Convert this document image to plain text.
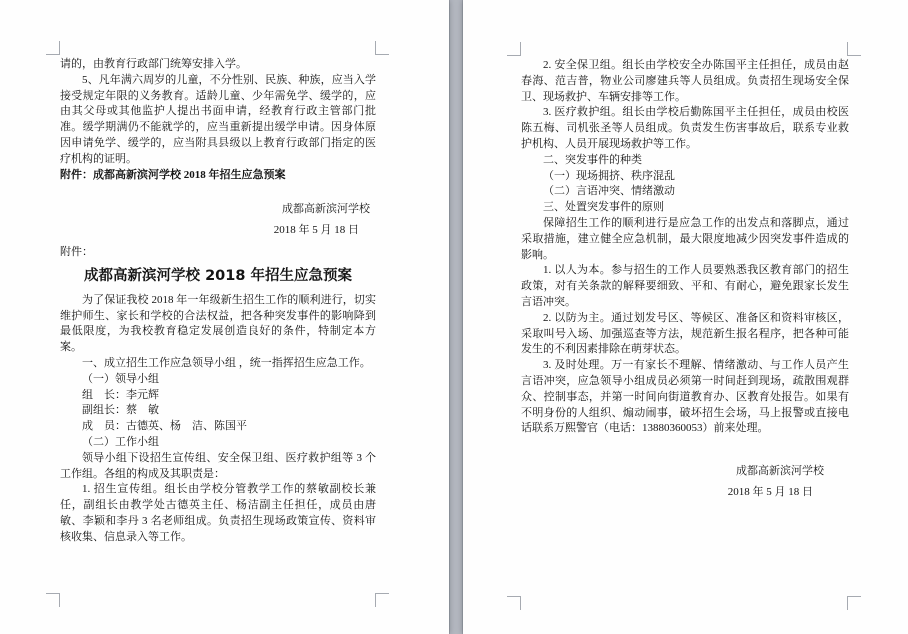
请的，由教育行政部门统筹安排入学。

5、凡年满六周岁的儿童，不分性别、民族、种族，应当入学接受规定年限的义务教育。适龄儿童、少年需免学、缓学的，应由其父母或其他监护人提出书面申请，经教育行政主管部门批准。缓学期满仍不能就学的，应当重新提出缓学申请。因身体原因申请免学、缓学的，应当附具县级以上教育行政部门指定的医疗机构的证明。

附件：成都高新滨河学校 2018 年招生应急预案

成都高新滨河学校

2018 年 5 月 18 日

附件：

成都高新滨河学校 2018 年招生应急预案

为了保证我校 2018 年一年级新生招生工作的顺利进行，切实维护师生、家长和学校的合法权益，把各种突发事件的影响降到最低限度，为我校教育稳定发展创造良好的条件，特制定本方案。

一、成立招生工作应急领导小组 ，统一指挥招生应急工作。

（一）领导小组

组　长：李元辉

副组长：蔡　敏

成　员：古德英、杨　洁、陈国平

（二）工作小组

领导小组下设招生宣传组、安全保卫组、医疗救护组等 3 个工作组。各组的构成及其职责是：

1. 招生宣传组。组长由学校分管教学工作的蔡敏副校长兼任，副组长由教学处古德英主任、杨洁副主任担任，成员由唐敏、李颖和李丹 3 名老师组成。负责招生现场政策宣传、资料审核收集、信息录入等工作。

2. 安全保卫组。组长由学校安全办陈国平主任担任，成员由赵春海、范吉普，物业公司廖建兵等人员组成。负责招生现场安全保卫、现场救护、车辆安排等工作。

3. 医疗救护组。组长由学校后勤陈国平主任担任，成员由校医陈五梅、司机张圣等人员组成。负责发生伤害事故后，联系专业救护机构、人员开展现场救护等工作。

二、突发事件的种类

（一）现场拥挤、秩序混乱

（二）言语冲突、情绪激动

三、处置突发事件的原则

保障招生工作的顺利进行是应急工作的出发点和落脚点，通过采取措施，建立健全应急机制，最大限度地减少因突发事件造成的影响。

1. 以人为本。参与招生的工作人员要熟悉我区教育部门的招生政策，对有关条款的解释要细致、平和、有耐心，避免跟家长发生言语冲突。

2. 以防为主。通过划发号区、等候区、准备区和资料审核区，采取叫号入场、加强巡查等方法，规范新生报名程序，把各种可能发生的不利因素排除在萌芽状态。

3. 及时处理。万一有家长不理解、情绪激动、与工作人员产生言语冲突，应急领导小组成员必须第一时间赶到现场，疏散围观群众、控制事态，并第一时间向街道教育办、区教育处报告。如果有不明身份的人组织、煽动闹事，破坏招生会场，马上报警或直接电话联系万熙警官（电话：13880360053）前来处理。

成都高新滨河学校

2018 年 5 月 18 日
